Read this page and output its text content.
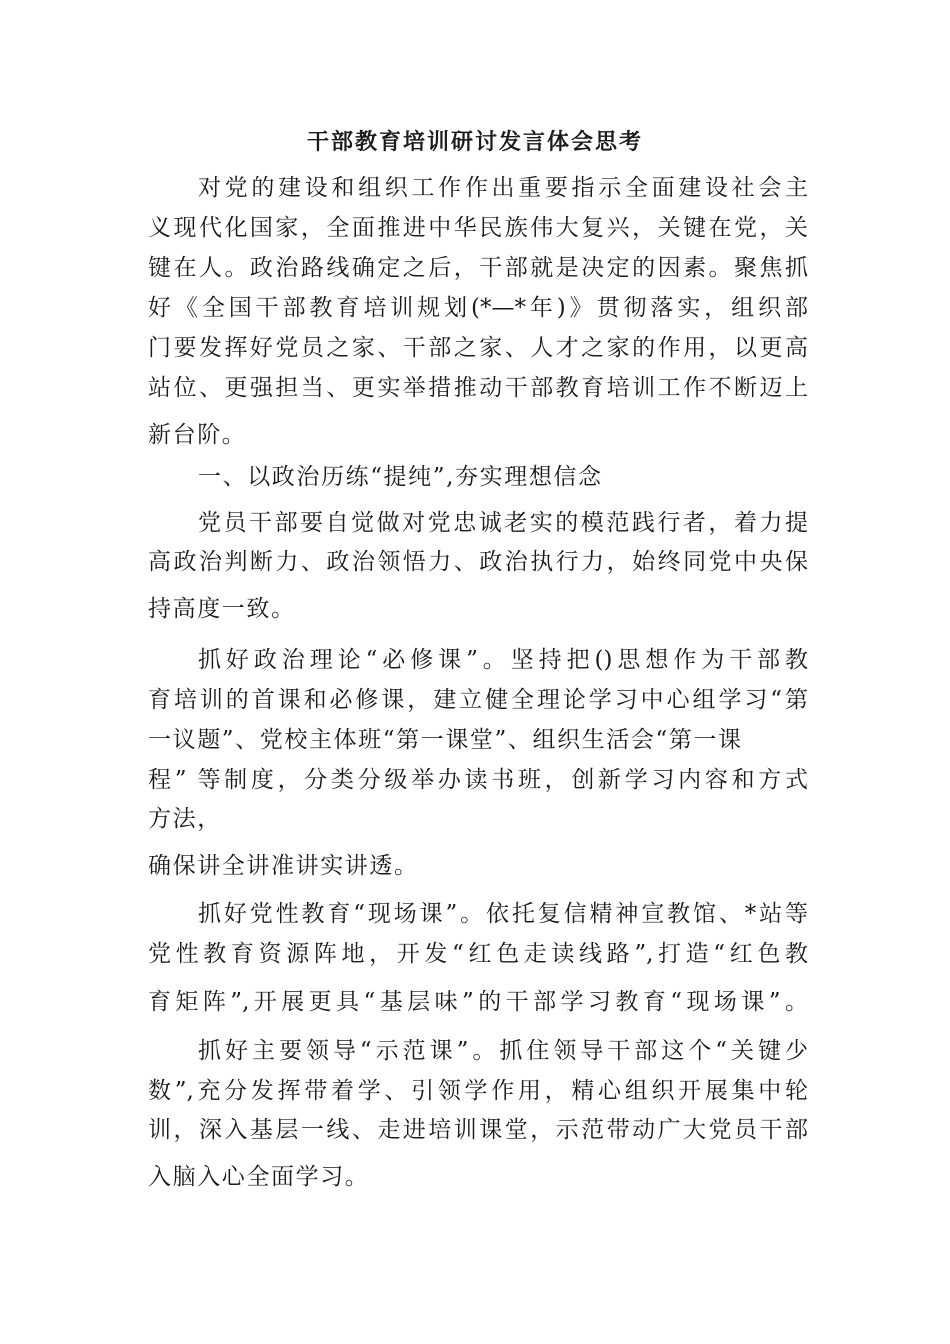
干部教育培训研讨发言体会思考
对党的建设和组织工作作出重要指示全面建设社会主
义现代化国家，全面推进中华民族伟大复兴，关键在党，关
键在人。政治路线确定之后，干部就是决定的因素。聚焦抓
好《全国干部教育培训规划(*—*年)》贯彻落实，组织部
门要发挥好党员之家、干部之家、人才之家的作用，以更高
站位、更强担当、更实举措推动干部教育培训工作不断迈上
新台阶。
一、以政治历练“提纯”,夯实理想信念
党员干部要自觉做对党忠诚老实的模范践行者，着力提
高政治判断力、政治领悟力、政治执行力，始终同党中央保
持高度一致。
抓好政治理论“必修课”。坚持把()思想作为干部教
育培训的首课和必修课，建立健全理论学习中心组学习“第
一议题”、党校主体班“第一课堂”、组织生活会“第一课
程” 等制度，分类分级举办读书班，创新学习内容和方式
方法，
确保讲全讲准讲实讲透。
抓好党性教育“现场课”。依托复信精神宣教馆、*站等
党性教育资源阵地，开发“红色走读线路”,打造“红色教
育矩阵”,开展更具“基层味”的干部学习教育“现场课”。
抓好主要领导“示范课”。抓住领导干部这个“关键少
数”,充分发挥带着学、引领学作用，精心组织开展集中轮
训，深入基层一线、走进培训课堂，示范带动广大党员干部
入脑入心全面学习。
